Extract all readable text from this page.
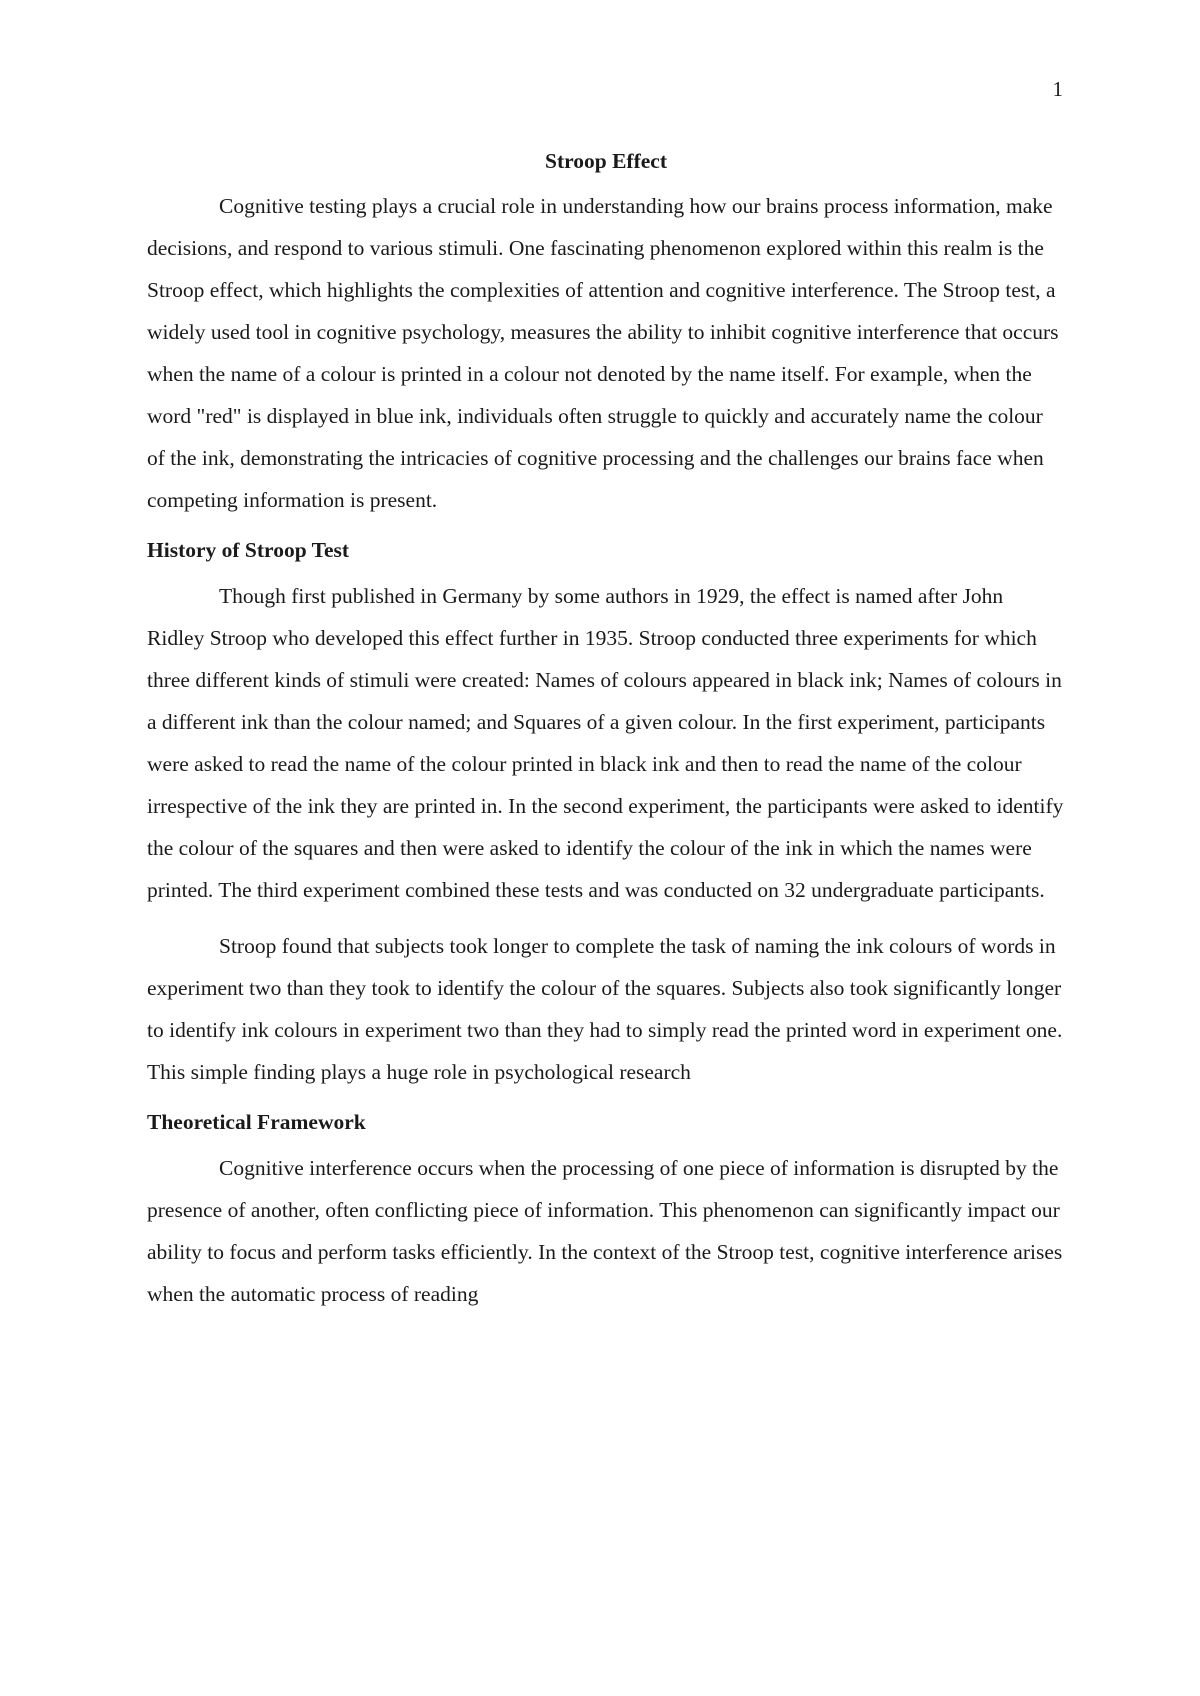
1
Stroop Effect

Cognitive testing plays a crucial role in understanding how our brains process information, make decisions, and respond to various stimuli. One fascinating phenomenon explored within this realm is the Stroop effect, which highlights the complexities of attention and cognitive interference. The Stroop test, a widely used tool in cognitive psychology, measures the ability to inhibit cognitive interference that occurs when the name of a colour is printed in a colour not denoted by the name itself. For example, when the word "red" is displayed in blue ink, individuals often struggle to quickly and accurately name the colour of the ink, demonstrating the intricacies of cognitive processing and the challenges our brains face when competing information is present.

History of Stroop Test

Though first published in Germany by some authors in 1929, the effect is named after John Ridley Stroop who developed this effect further in 1935. Stroop conducted three experiments for which three different kinds of stimuli were created: Names of colours appeared in black ink; Names of colours in a different ink than the colour named; and Squares of a given colour. In the first experiment, participants were asked to read the name of the colour printed in black ink and then to read the name of the colour irrespective of the ink they are printed in. In the second experiment, the participants were asked to identify the colour of the squares and then were asked to identify the colour of the ink in which the names were printed. The third experiment combined these tests and was conducted on 32 undergraduate participants.

Stroop found that subjects took longer to complete the task of naming the ink colours of words in experiment two than they took to identify the colour of the squares. Subjects also took significantly longer to identify ink colours in experiment two than they had to simply read the printed word in experiment one. This simple finding plays a huge role in psychological research

Theoretical Framework

Cognitive interference occurs when the processing of one piece of information is disrupted by the presence of another, often conflicting piece of information. This phenomenon can significantly impact our ability to focus and perform tasks efficiently. In the context of the Stroop test, cognitive interference arises when the automatic process of reading
